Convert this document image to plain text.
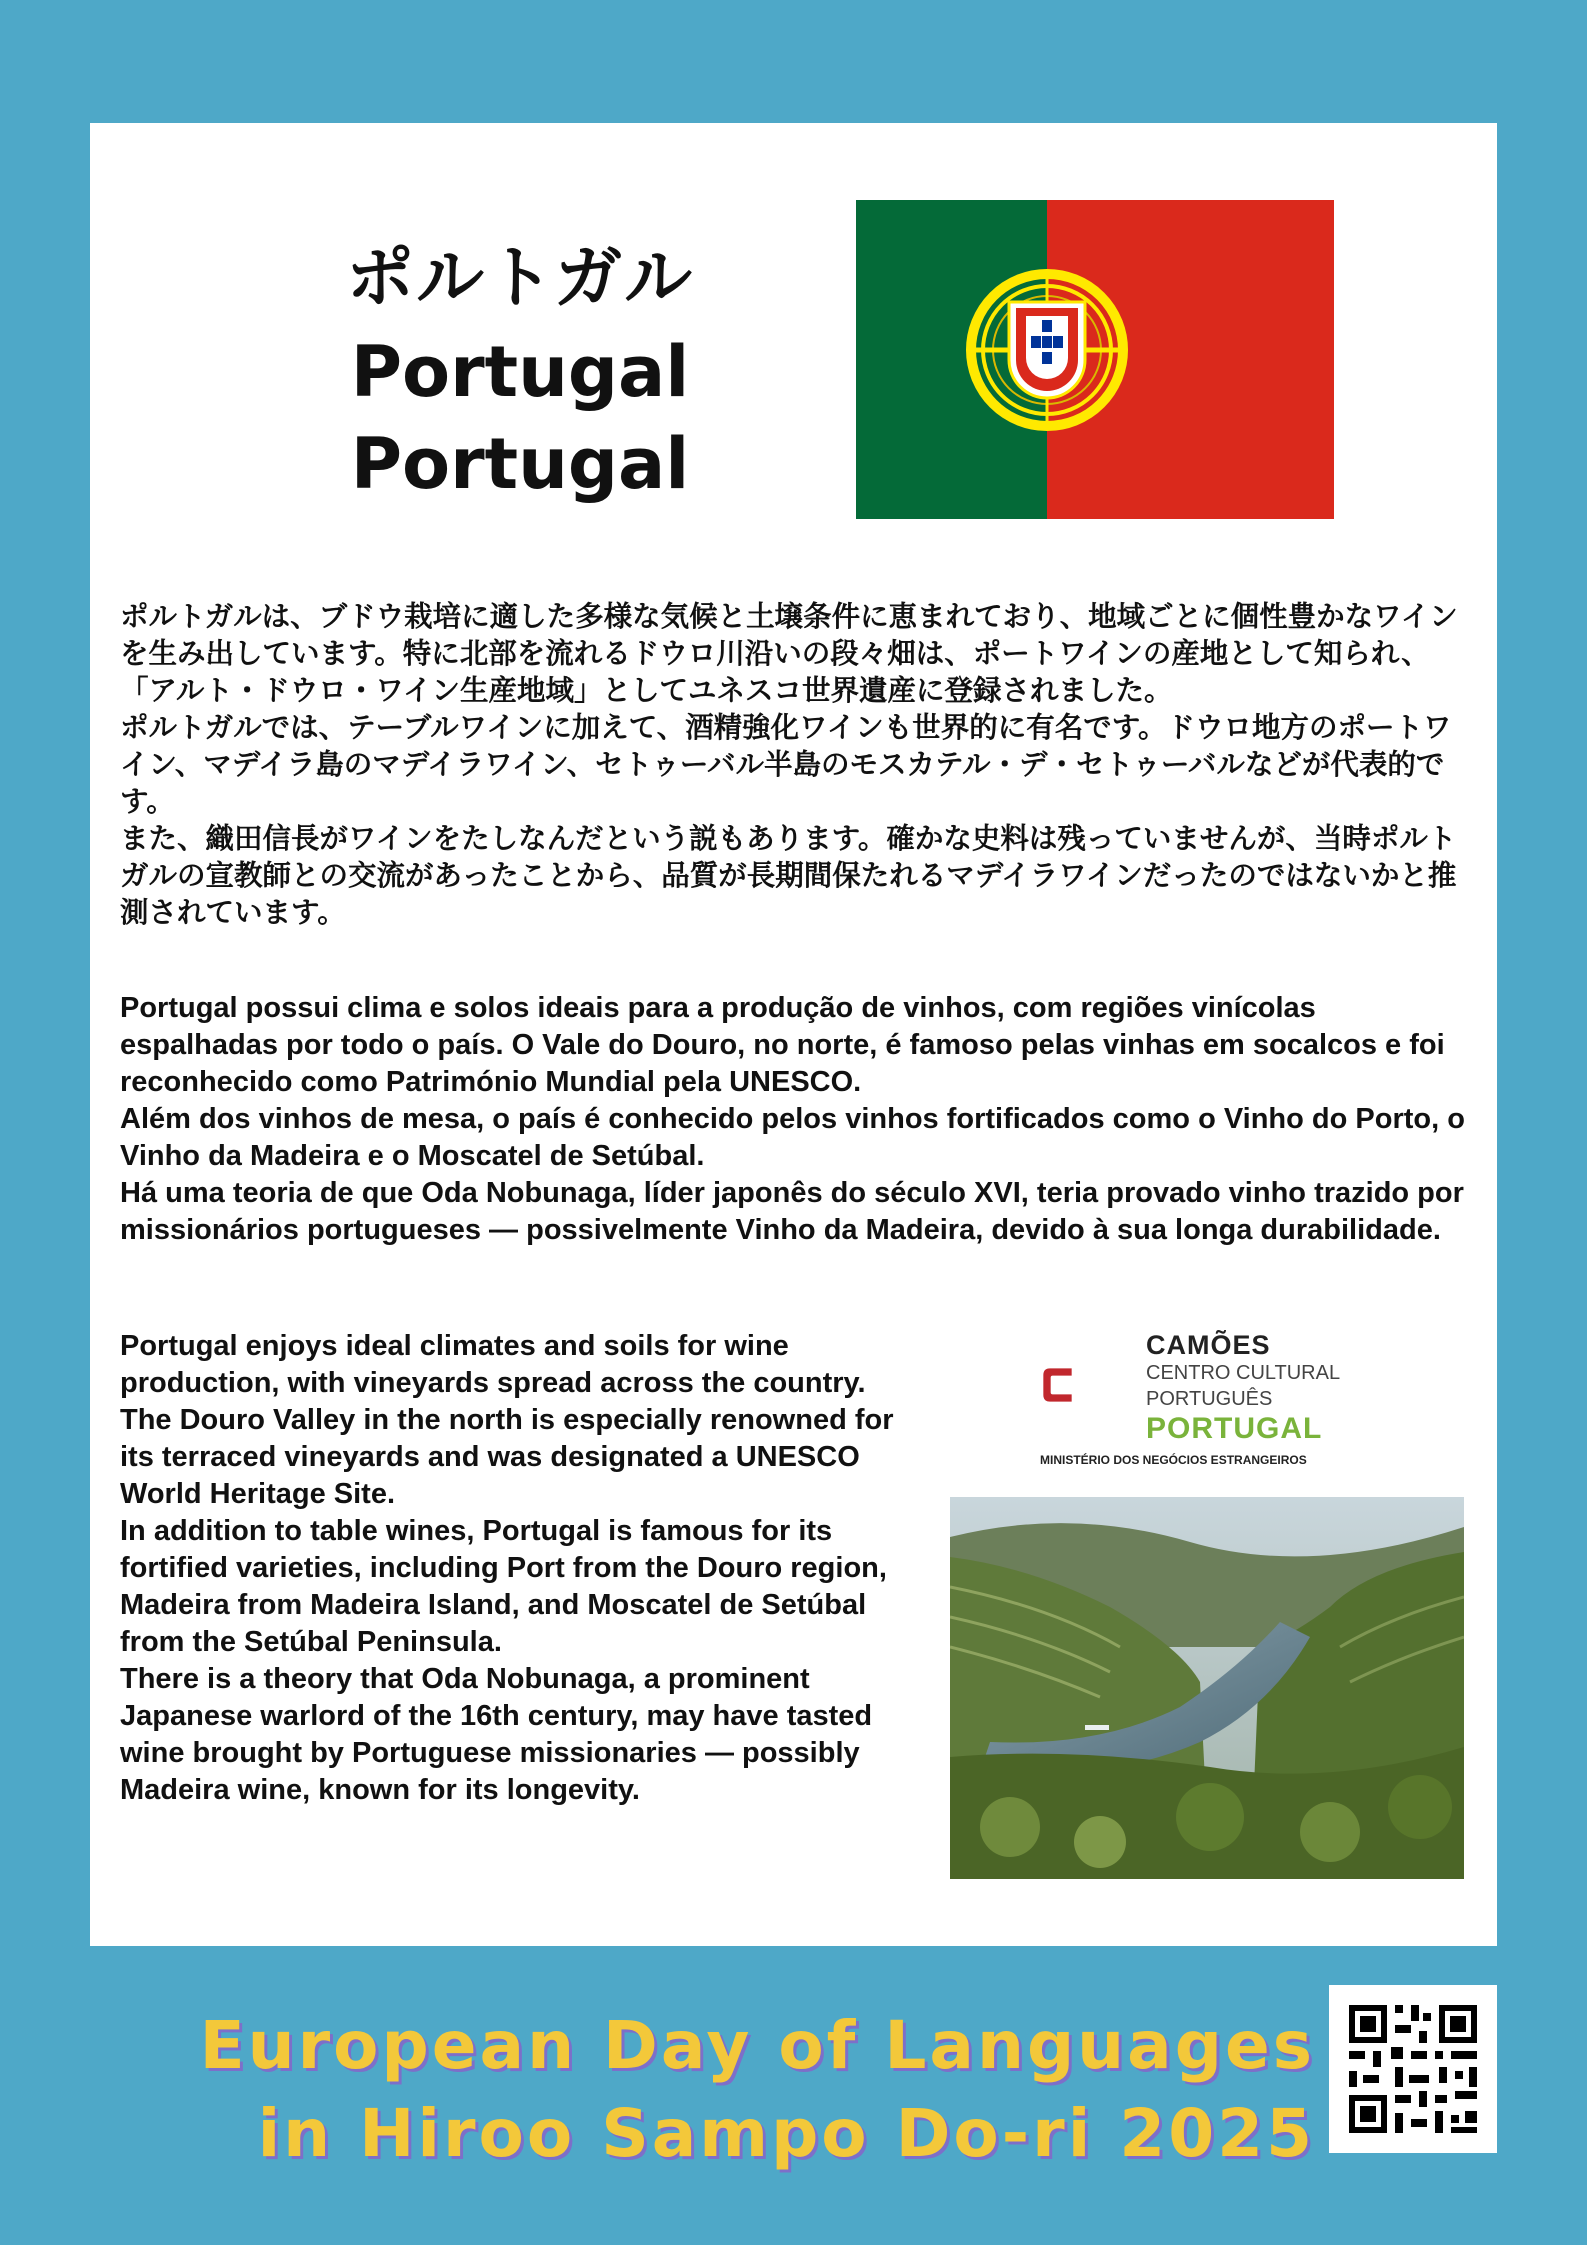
ポルトガル
Portugal
Portugal

ポルトガルは、ブドウ栽培に適した多様な気候と土壌条件に恵まれており、地域ごとに個性豊かなワインを生み出しています。特に北部を流れるドウロ川沿いの段々畑は、ポートワインの産地として知られ、「アルト・ドウロ・ワイン生産地域」としてユネスコ世界遺産に登録されました。

ポルトガルでは、テーブルワインに加えて、酒精強化ワインも世界的に有名です。ドウロ地方のポートワイン、マデイラ島のマデイラワイン、セトゥーバル半島のモスカテル・デ・セトゥーバルなどが代表的です。

また、織田信長がワインをたしなんだという説もあります。確かな史料は残っていませんが、当時ポルトガルの宣教師との交流があったことから、品質が長期間保たれるマデイラワインだったのではないかと推測されています。

Portugal possui clima e solos ideais para a produção de vinhos, com regiões vinícolas espalhadas por todo o país. O Vale do Douro, no norte, é famoso pelas vinhas em socalcos e foi reconhecido como Património Mundial pela UNESCO.

Além dos vinhos de mesa, o país é conhecido pelos vinhos fortificados como o Vinho do Porto, o Vinho da Madeira e o Moscatel de Setúbal.

Há uma teoria de que Oda Nobunaga, líder japonês do século XVI, teria provado vinho trazido por missionários portugueses ― possivelmente Vinho da Madeira, devido à sua longa durabilidade.

Portugal enjoys ideal climates and soils for wine production, with vineyards spread across the country. The Douro Valley in the north is especially renowned for its terraced vineyards and was designated a UNESCO World Heritage Site.

In addition to table wines, Portugal is famous for its fortified varieties, including Port from the Douro region, Madeira from Madeira Island, and Moscatel de Setúbal from the Setúbal Peninsula.

There is a theory that Oda Nobunaga, a prominent Japanese warlord of the 16th century, may have tasted wine brought by Portuguese missionaries ― possibly Madeira wine, known for its longevity.

CAMÕES
CENTRO CULTURAL
PORTUGUÊS
PORTUGAL
MINISTÉRIO DOS NEGÓCIOS ESTRANGEIROS
European Day of Languages
in Hiroo Sampo Do-ri 2025
